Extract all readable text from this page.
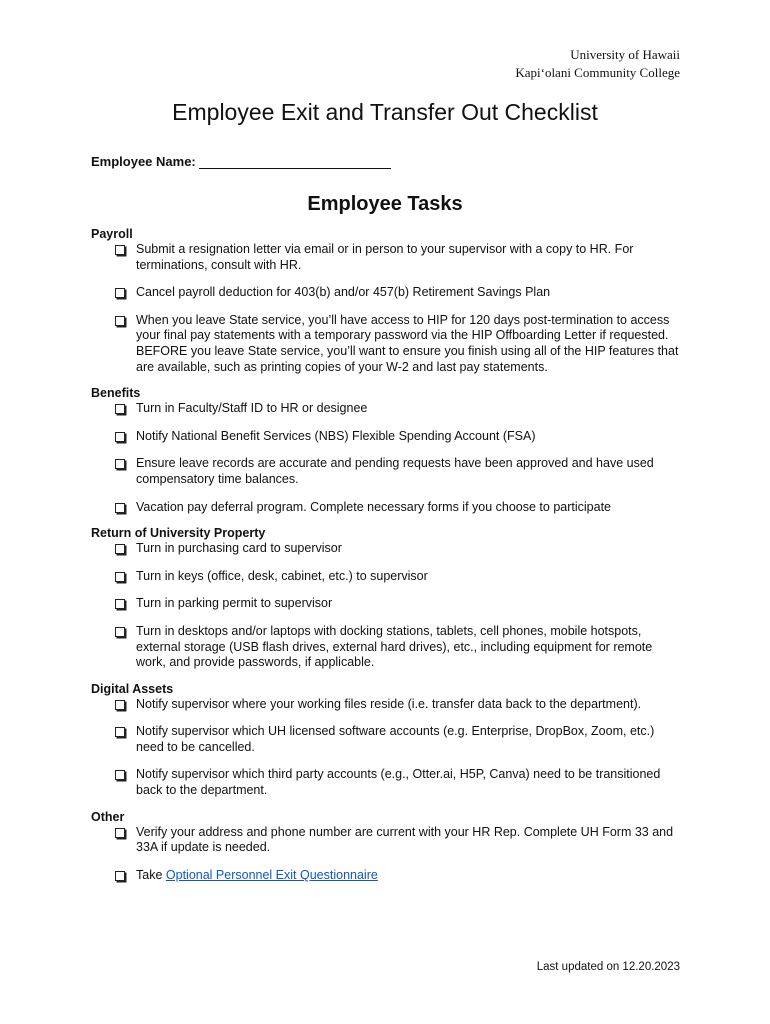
University of Hawaii
Kapiʻolani Community College
Employee Exit and Transfer Out Checklist
Employee Name:
Employee Tasks
Payroll
Submit a resignation letter via email or in person to your supervisor with a copy to HR. For terminations, consult with HR.
Cancel payroll deduction for 403(b) and/or 457(b) Retirement Savings Plan
When you leave State service, you’ll have access to HIP for 120 days post-termination to access your final pay statements with a temporary password via the HIP Offboarding Letter if requested. BEFORE you leave State service, you’ll want to ensure you finish using all of the HIP features that are available, such as printing copies of your W-2 and last pay statements.
Benefits
Turn in Faculty/Staff ID to HR or designee
Notify National Benefit Services (NBS) Flexible Spending Account (FSA)
Ensure leave records are accurate and pending requests have been approved and have used compensatory time balances.
Vacation pay deferral program. Complete necessary forms if you choose to participate
Return of University Property
Turn in purchasing card to supervisor
Turn in keys (office, desk, cabinet, etc.) to supervisor
Turn in parking permit to supervisor
Turn in desktops and/or laptops with docking stations, tablets, cell phones, mobile hotspots, external storage (USB flash drives, external hard drives), etc., including equipment for remote work, and provide passwords, if applicable.
Digital Assets
Notify supervisor where your working files reside (i.e. transfer data back to the department).
Notify supervisor which UH licensed software accounts (e.g. Enterprise, DropBox, Zoom, etc.) need to be cancelled.
Notify supervisor which third party accounts (e.g., Otter.ai, H5P, Canva) need to be transitioned back to the department.
Other
Verify your address and phone number are current with your HR Rep. Complete UH Form 33 and 33A if update is needed.
Take Optional Personnel Exit Questionnaire
Last updated on 12.20.2023
